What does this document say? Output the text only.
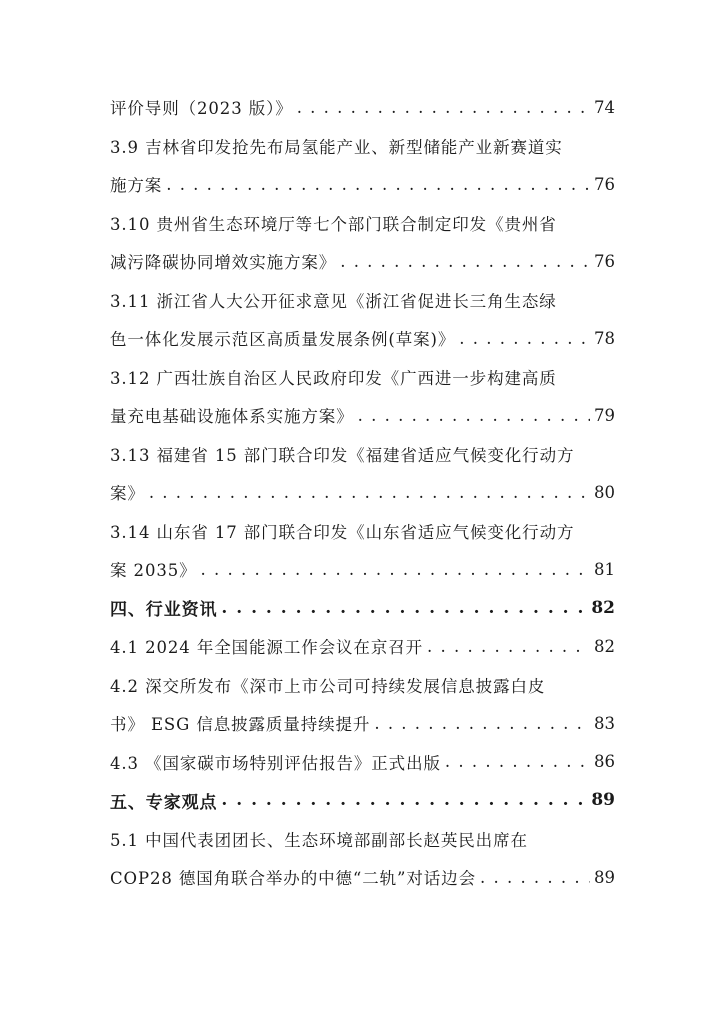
评价导则（2023 版）》 . . .	74
3.9 吉林省印发抢先布局氢能产业、新型储能产业新赛道实
施方案 . . .	76
3.10 贵州省生态环境厅等七个部门联合制定印发《贵州省
减污降碳协同增效实施方案》 . . .	76
3.11 浙江省人大公开征求意见《浙江省促进长三角生态绿
色一体化发展示范区高质量发展条例(草案)》 . . .	78
3.12 广西壮族自治区人民政府印发《广西进一步构建高质
量充电基础设施体系实施方案》 . . .	79
3.13 福建省 15 部门联合印发《福建省适应气候变化行动方
案》 . . .	80
3.14 山东省 17 部门联合印发《山东省适应气候变化行动方
案 2035》 . . .	81
四、行业资讯 . . .	82
4.1 2024 年全国能源工作会议在京召开 . . .	82
4.2 深交所发布《深市上市公司可持续发展信息披露白皮
书》 ESG 信息披露质量持续提升 . . .	83
4.3 《国家碳市场特别评估报告》正式出版 . . .	86
五、专家观点 . . .	89
5.1 中国代表团团长、生态环境部副部长赵英民出席在
COP28 德国角联合举办的中德“二轨”对话边会 . . .	89
